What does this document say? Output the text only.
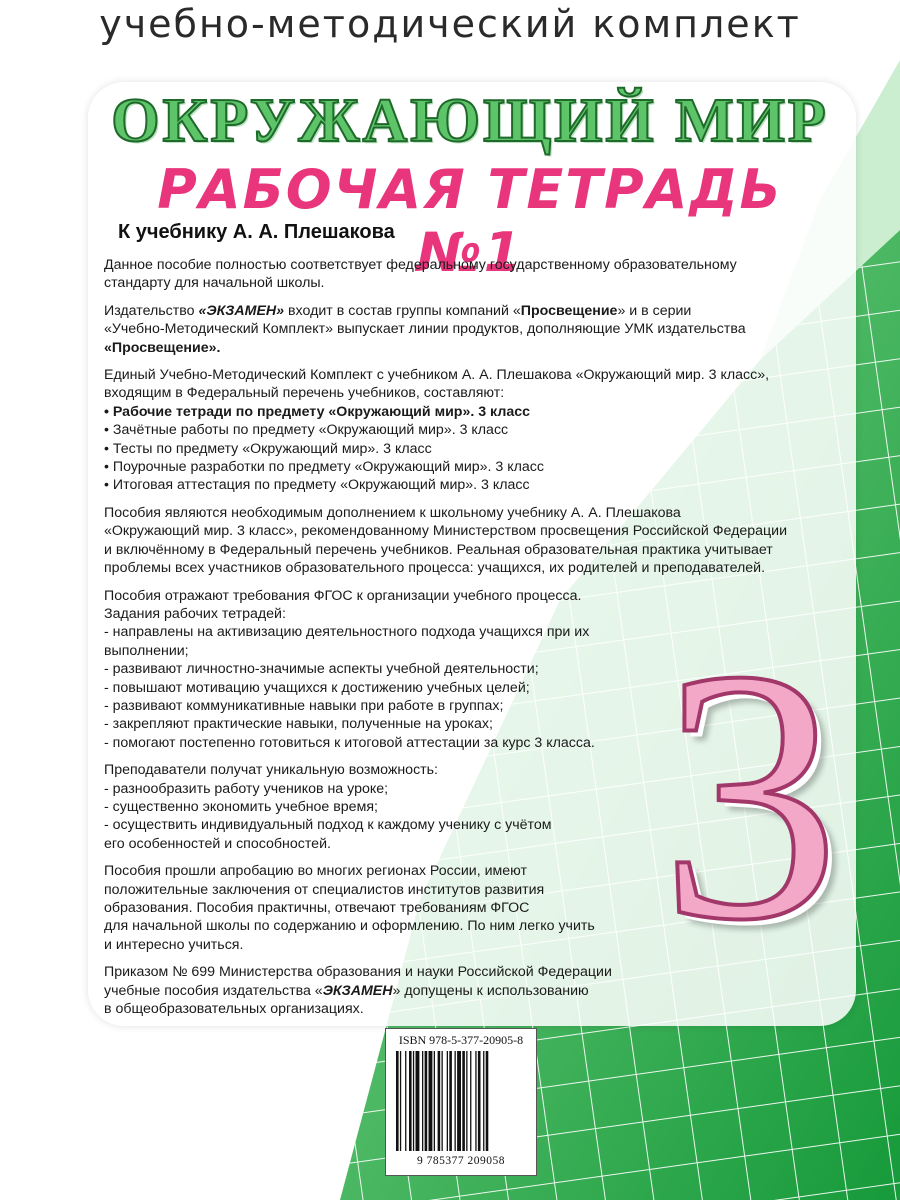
учебно-методический комплект
ОКРУЖАЮЩИЙ МИР
РАБОЧАЯ ТЕТРАДЬ №1
К учебнику А. А. Плешакова

Данное пособие полностью соответствует федеральному государственному образовательному
стандарту для начальной школы.

Издательство «ЭКЗАМЕН» входит в состав группы компаний «Просвещение» и в серии
«Учебно-Методический Комплект» выпускает линии продуктов, дополняющие УМК издательства
«Просвещение».

Единый Учебно-Методический Комплект с учебником А. А. Плешакова «Окружающий мир. 3 класс»,
входящим в Федеральный перечень учебников, составляют:
• Рабочие тетради по предмету «Окружающий мир». 3 класс
• Зачётные работы по предмету «Окружающий мир». 3 класс
• Тесты по предмету «Окружающий мир». 3 класс
• Поурочные разработки по предмету «Окружающий мир». 3 класс
• Итоговая аттестация по предмету «Окружающий мир». 3 класс

Пособия являются необходимым дополнением к школьному учебнику А. А. Плешакова
«Окружающий мир. 3 класс», рекомендованному Министерством просвещения Российской Федерации
и включённому в Федеральный перечень учебников. Реальная образовательная практика учитывает
проблемы всех участников образовательного процесса: учащихся, их родителей и преподавателей.

Пособия отражают требования ФГОС к организации учебного процесса.
Задания рабочих тетрадей:
- направлены на активизацию деятельностного подхода учащихся при их
выполнении;
- развивают личностно-значимые аспекты учебной деятельности;
- повышают мотивацию учащихся к достижению учебных целей;
- развивают коммуникативные навыки при работе в группах;
- закрепляют практические навыки, полученные на уроках;
- помогают постепенно готовиться к итоговой аттестации за курс 3 класса.

Преподаватели получат уникальную возможность:
- разнообразить работу учеников на уроке;
- существенно экономить учебное время;
- осуществить индивидуальный подход к каждому ученику с учётом
его особенностей и способностей.

Пособия прошли апробацию во многих регионах России, имеют
положительные заключения от специалистов институтов развития
образования. Пособия практичны, отвечают требованиям ФГОС
для начальной школы по содержанию и оформлению. По ним легко учить
и интересно учиться.

Приказом № 699 Министерства образования и науки Российской Федерации
учебные пособия издательства «ЭКЗАМЕН» допущены к использованию
в общеобразовательных организациях.

3
ISBN 978-5-377-20905-8
9 785377 209058
